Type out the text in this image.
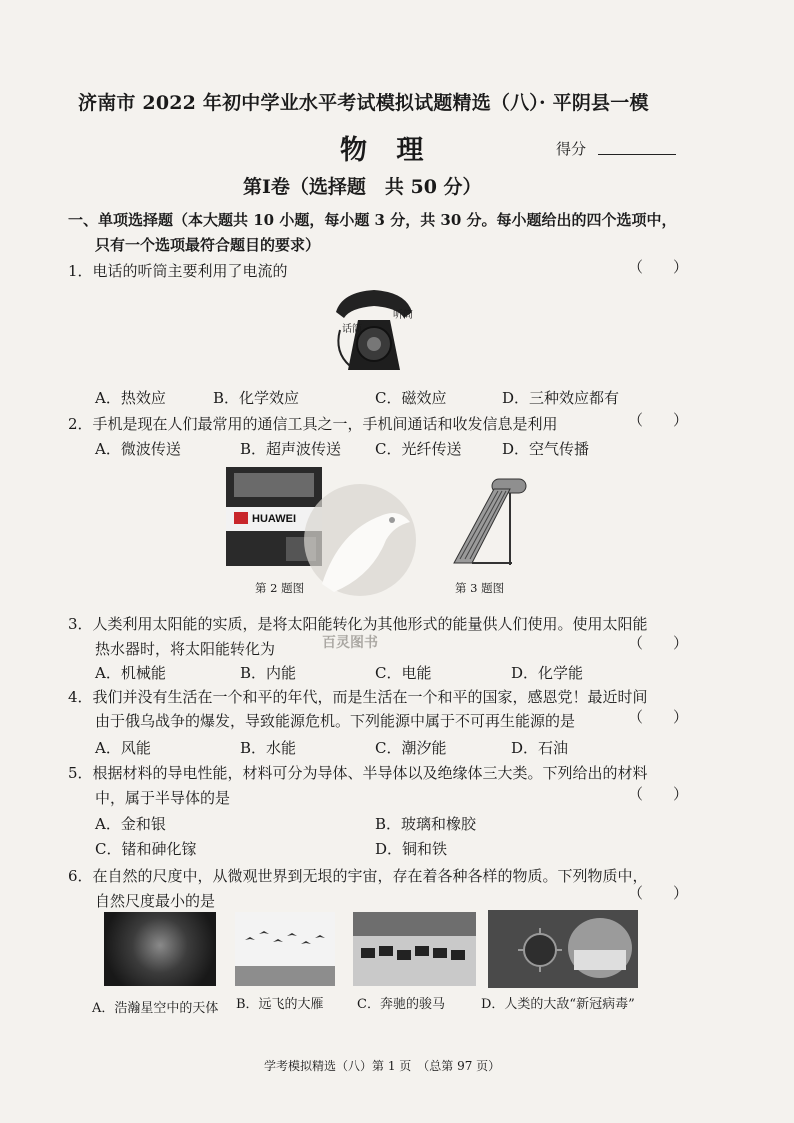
济南市 2022 年初中学业水平考试模拟试题精选（八）· 平阴县一模
物 理	得分
第Ⅰ卷（选择题　共 50 分）
一、单项选择题（本大题共 10 小题，每小题 3 分，共 30 分。每小题给出的四个选项中，
只有一个选项最符合题目的要求）
1．电话的听筒主要利用了电流的	（　　）
听筒
话筒
A．热效应	B．化学效应	C．磁效应	D．三种效应都有
2．手机是现在人们最常用的通信工具之一，手机间通话和收发信息是利用	（　　）
A．微波传送	B．超声波传送 C．光纤传送	D．空气传播
HUAWEI
第 2 题图	第 3 题图
百灵图书
3．人类利用太阳能的实质，是将太阳能转化为其他形式的能量供人们使用。使用太阳能
热水器时，将太阳能转化为	（　　）
A．机械能	B．内能	C．电能	D．化学能
4．我们并没有生活在一个和平的年代，而是生活在一个和平的国家，感恩党！最近时间
由于俄乌战争的爆发，导致能源危机。下列能源中属于不可再生能源的是	（　　）
A．风能	B．水能	C．潮汐能	D．石油
5．根据材料的导电性能，材料可分为导体、半导体以及绝缘体三大类。下列给出的材料
中，属于半导体的是	（　　）
A．金和银	B．玻璃和橡胶
C．锗和砷化镓	D．铜和铁
6．在自然的尺度中，从微观世界到无垠的宇宙，存在着各种各样的物质。下列物质中，
自然尺度最小的是	（　　）
A．浩瀚星空中的天体 B．远飞的大雁	C．奔驰的骏马	D．人类的大敌“新冠病毒”
学考模拟精选（八）第 1 页　（总第 97 页）
